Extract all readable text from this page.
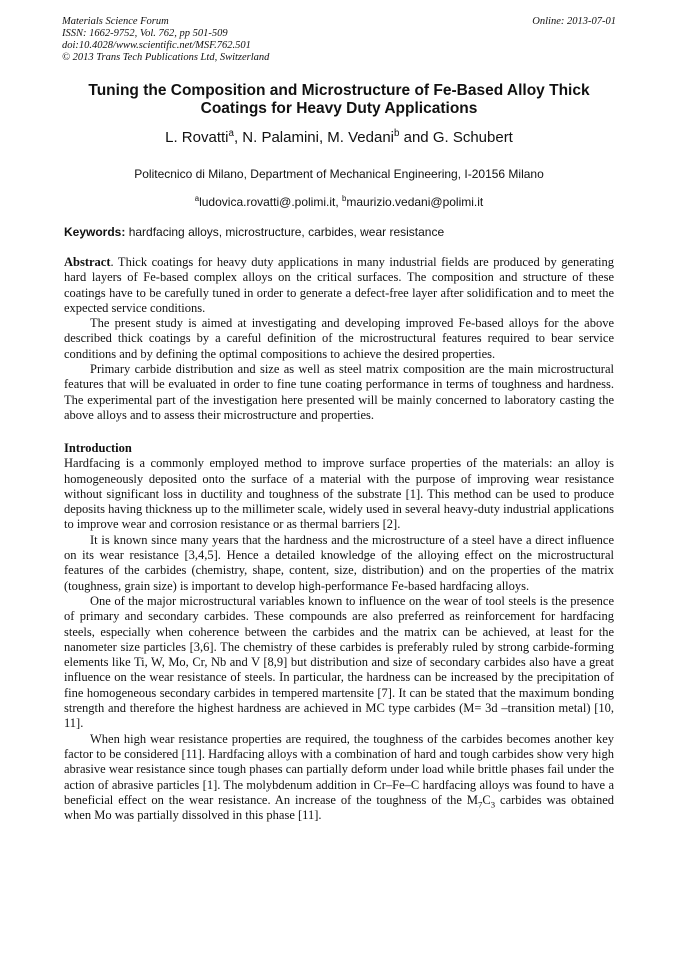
Materials Science Forum
ISSN: 1662-9752, Vol. 762, pp 501-509
doi:10.4028/www.scientific.net/MSF.762.501
© 2013 Trans Tech Publications Ltd, Switzerland
Online: 2013-07-01
Tuning the Composition and Microstructure of Fe-Based Alloy Thick Coatings for Heavy Duty Applications
L. Rovatti$^a$, N. Palamini, M. Vedani$^b$ and G. Schubert
Politecnico di Milano, Department of Mechanical Engineering, I-20156 Milano
$^a$ludovica.rovatti@.polimi.it, $^b$maurizio.vedani@polimi.it
Keywords: hardfacing alloys, microstructure, carbides, wear resistance

Abstract. Thick coatings for heavy duty applications in many industrial fields are produced by generating hard layers of Fe-based complex alloys on the critical surfaces. The composition and structure of these coatings have to be carefully tuned in order to generate a defect-free layer after solidification and to meet the expected service conditions.

The present study is aimed at investigating and developing improved Fe-based alloys for the above described thick coatings by a careful definition of the microstructural features required to bear service conditions and by defining the optimal compositions to achieve the desired properties.

Primary carbide distribution and size as well as steel matrix composition are the main microstructural features that will be evaluated in order to fine tune coating performance in terms of toughness and hardness. The experimental part of the investigation here presented will be mainly concerned to laboratory casting the above alloys and to assess their microstructure and properties.

Introduction

Hardfacing is a commonly employed method to improve surface properties of the materials: an alloy is homogeneously deposited onto the surface of a material with the purpose of improving wear resistance without significant loss in ductility and toughness of the substrate [1]. This method can be used to produce deposits having thickness up to the millimeter scale, widely used in several heavy-duty industrial applications to improve wear and corrosion resistance or as thermal barriers [2].

It is known since many years that the hardness and the microstructure of a steel have a direct influence on its wear resistance [3,4,5]. Hence a detailed knowledge of the alloying effect on the microstructural features of the carbides (chemistry, shape, content, size, distribution) and on the properties of the matrix (toughness, grain size) is important to develop high-performance Fe-based hardfacing alloys.

One of the major microstructural variables known to influence on the wear of tool steels is the presence of primary and secondary carbides. These compounds are also preferred as reinforcement for hardfacing steels, especially when coherence between the carbides and the matrix can be achieved, at least for the nanometer size particles [3,6]. The chemistry of these carbides is preferably ruled by strong carbide-forming elements like Ti, W, Mo, Cr, Nb and V [8,9] but distribution and size of secondary carbides also have a great influence on the wear resistance of steels. In particular, the hardness can be increased by the precipitation of fine homogeneous secondary carbides in tempered martensite [7]. It can be stated that the maximum bonding strength and therefore the highest hardness are achieved in MC type carbides (M= 3d –transition metal) [10, 11].

When high wear resistance properties are required, the toughness of the carbides becomes another key factor to be considered [11]. Hardfacing alloys with a combination of hard and tough carbides show very high abrasive wear resistance since tough phases can partially deform under load while brittle phases fail under the action of abrasive particles [1]. The molybdenum addition in Cr–Fe–C hardfacing alloys was found to have a beneficial effect on the wear resistance. An increase of the toughness of the $M_7C_3$ carbides was obtained when Mo was partially dissolved in this phase [11].
